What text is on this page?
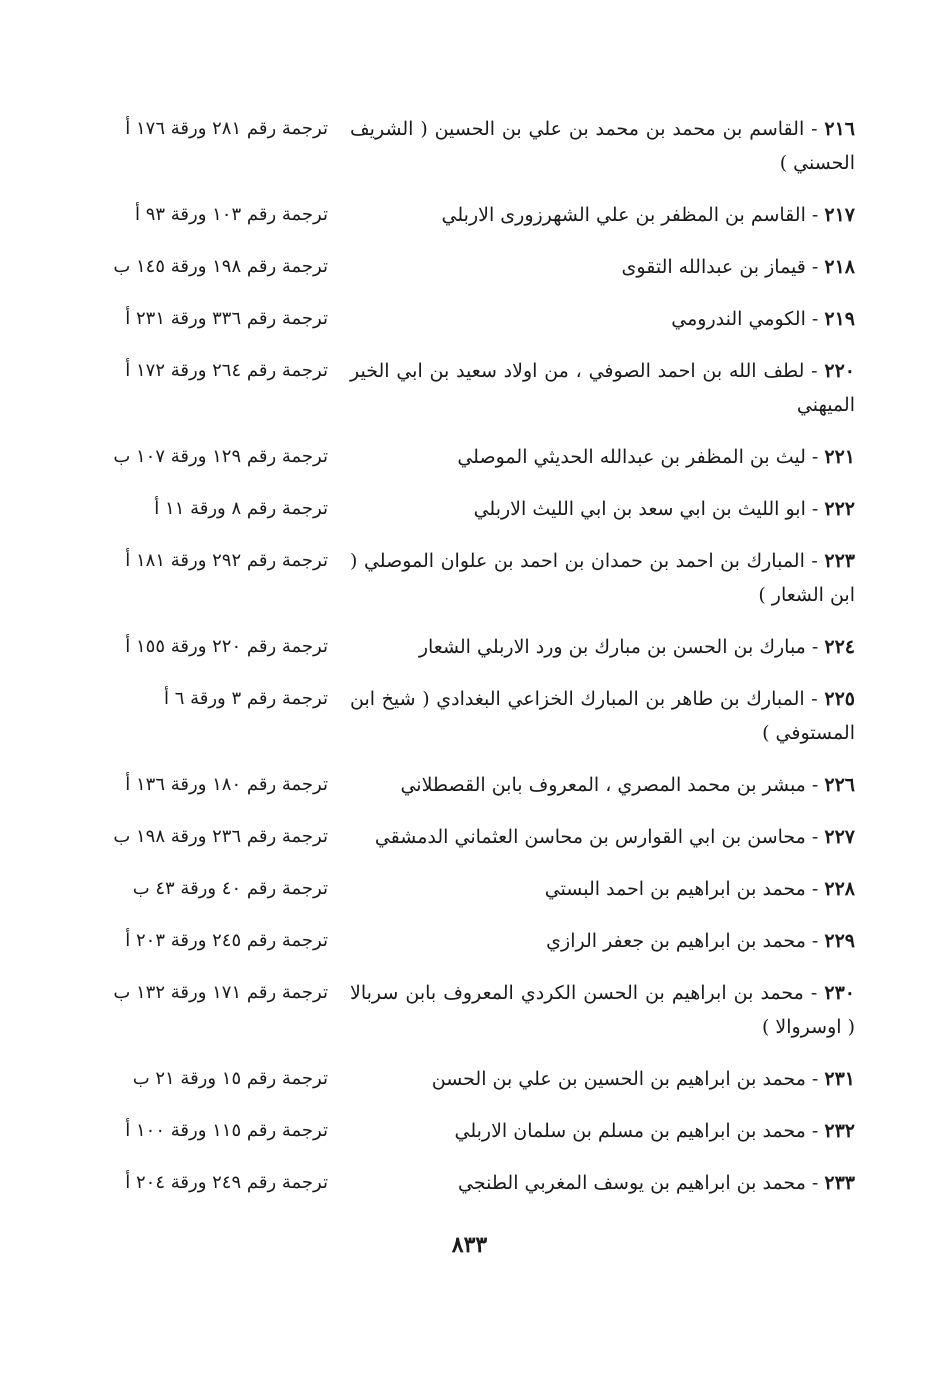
٢١٦ - القاسم بن محمد بن محمد بن علي بن الحسين ( الشريف الحسني )
ترجمة رقم ٢٨١ ورقة ١٧٦ أ
٢١٧ - القاسم بن المظفر بن علي الشهرزورى الاربلي
ترجمة رقم ١٠٣ ورقة ٩٣ أ
٢١٨ - قيماز بن عبدالله التقوى
ترجمة رقم ١٩٨ ورقة ١٤٥ ب
٢١٩ - الكومي الندرومي
ترجمة رقم ٣٣٦ ورقة ٢٣١ أ
٢٢٠ - لطف الله بن احمد الصوفي ، من اولاد سعيد بن ابي الخير الميهني
ترجمة رقم ٢٦٤ ورقة ١٧٢ أ
٢٢١ - ليث بن المظفر بن عبدالله الحديثي الموصلي
ترجمة رقم ١٢٩ ورقة ١٠٧ ب
٢٢٢ - ابو الليث بن ابي سعد بن ابي الليث الاربلي
ترجمة رقم ٨ ورقة ١١ أ
٢٢٣ - المبارك بن احمد بن حمدان بن احمد بن علوان الموصلي ( ابن الشعار )
ترجمة رقم ٢٩٢ ورقة ١٨١ أ
٢٢٤ - مبارك بن الحسن بن مبارك بن ورد الاربلي الشعار
ترجمة رقم ٢٢٠ ورقة ١٥٥ أ
٢٢٥ - المبارك بن طاهر بن المبارك الخزاعي البغدادي ( شيخ ابن المستوفي )
ترجمة رقم ٣ ورقة ٦ أ
٢٢٦ - مبشر بن محمد المصري ، المعروف بابن القصطلاني
ترجمة رقم ١٨٠ ورقة ١٣٦ أ
٢٢٧ - محاسن بن ابي القوارس بن محاسن العثماني الدمشقي
ترجمة رقم ٢٣٦ ورقة ١٩٨ ب
٢٢٨ - محمد بن ابراهيم بن احمد البستي
ترجمة رقم ٤٠ ورقة ٤٣ ب
٢٢٩ - محمد بن ابراهيم بن جعفر الرازي
ترجمة رقم ٢٤٥ ورقة ٢٠٣ أ
٢٣٠ - محمد بن ابراهيم بن الحسن الكردي المعروف بابن سربالا ( اوسروالا )
ترجمة رقم ١٧١ ورقة ١٣٢ ب
٢٣١ - محمد بن ابراهيم بن الحسين بن علي بن الحسن
ترجمة رقم ١٥ ورقة ٢١ ب
٢٣٢ - محمد بن ابراهيم بن مسلم بن سلمان الاربلي
ترجمة رقم ١١٥ ورقة ١٠٠ أ
٢٣٣ - محمد بن ابراهيم بن يوسف المغربي الطنجي
ترجمة رقم ٢٤٩ ورقة ٢٠٤ أ
٨٣٣
